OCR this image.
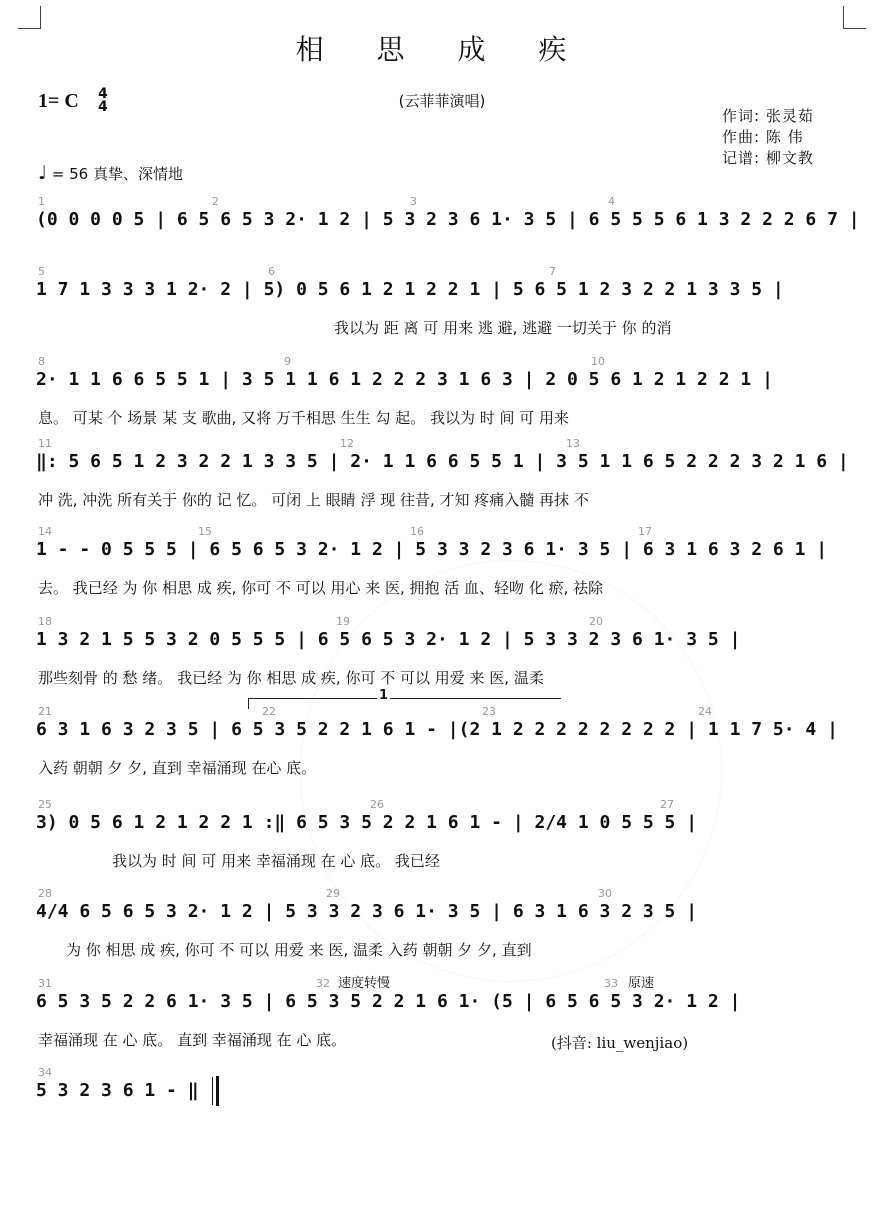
相 思 成 疾
(云菲菲演唱)
1= C 4
4	作词: 张灵茹
作曲: 陈 伟
记谱: 柳文教
♩ = 56 真挚、深情地
1	2	3	4
(0 0 0 0 5 | 6 5 6 5 3 2· 1 2 | 5 3 2 3 6 1· 3 5 | 6 5 5 5 6 1 3 2 2 2 6 7 |
5	6	7
1 7 1 3 3 3 1 2· 2 | 5) 0 5 6 1 2 1 2 2 1 | 5 6 5 1 2 3 2 2 1 3 3 5 |
我以为 距 离 可 用来 逃 避, 逃避 一切关于 你 的消
8	9	10
2· 1 1 6 6 5 5 1 | 3 5 1 1 6 1 2 2 2 3 1 6 3 | 2 0 5 6 1 2 1 2 2 1 |
息。 可某 个 场景 某 支 歌曲, 又将 万千相思 生生 勾 起。 我以为 时 间 可 用来
11	12	13
‖: 5 6 5 1 2 3 2 2 1 3 3 5 | 2· 1 1 6 6 5 5 1 | 3 5 1 1 6 5 2 2 2 3 2 1 6 |
冲 洗, 冲洗 所有关于 你的 记 忆。 可闭 上 眼睛 浮 现 往昔, 才知 疼痛入髓 再抹 不
14	15	16	17
1 - - 0 5 5 5 | 6 5 6 5 3 2· 1 2 | 5 3 3 2 3 6 1· 3 5 | 6 3 1 6 3 2 6 1 |
去。 我已经 为 你 相思 成 疾, 你可 不 可以 用心 来 医, 拥抱 活 血、轻吻 化 瘀, 祛除
18	19	20
1 3 2 1 5 5 3 2 0 5 5 5 | 6 5 6 5 3 2· 1 2 | 5 3 3 2 3 6 1· 3 5 |
那些刻骨 的 愁 绪。 我已经 为 你 相思 成 疾, 你可 不 可以 用爱 来 医, 温柔
21	22	23	24
6 3 1 6 3 2 3 5 | 6 5 3 5 2 2 1 6 1 - |(2 1 2 2 2 2 2 2 2 2 | 1 1 7 5· 4 |
入药 朝朝 夕 夕, 直到 幸福涌现 在心 底。
25	26	27
3) 0 5 6 1 2 1 2 2 1 :‖ 6 5 3 5 2 2 1 6 1 - | 2/4 1 0 5 5 5 |
我以为 时 间 可 用来 幸福涌现 在 心 底。 我已经
28	29	30
4/4 6 5 6 5 3 2· 1 2 | 5 3 3 2 3 6 1· 3 5 | 6 3 1 6 3 2 3 5 |
为 你 相思 成 疾, 你可 不 可以 用爱 来 医, 温柔 入药 朝朝 夕 夕, 直到
31	32	33
6 5 3 5 2 2 6 1· 3 5 | 6 5 3 5 2 2 1 6 1· (5 | 6 5 6 5 3 2· 1 2 |
幸福涌现 在 心 底。 直到 幸福涌现 在 心 底。
34
5 3 2 3 6 1 - ‖
1
速度转慢	原速
(抖音: liu_wenjiao)
